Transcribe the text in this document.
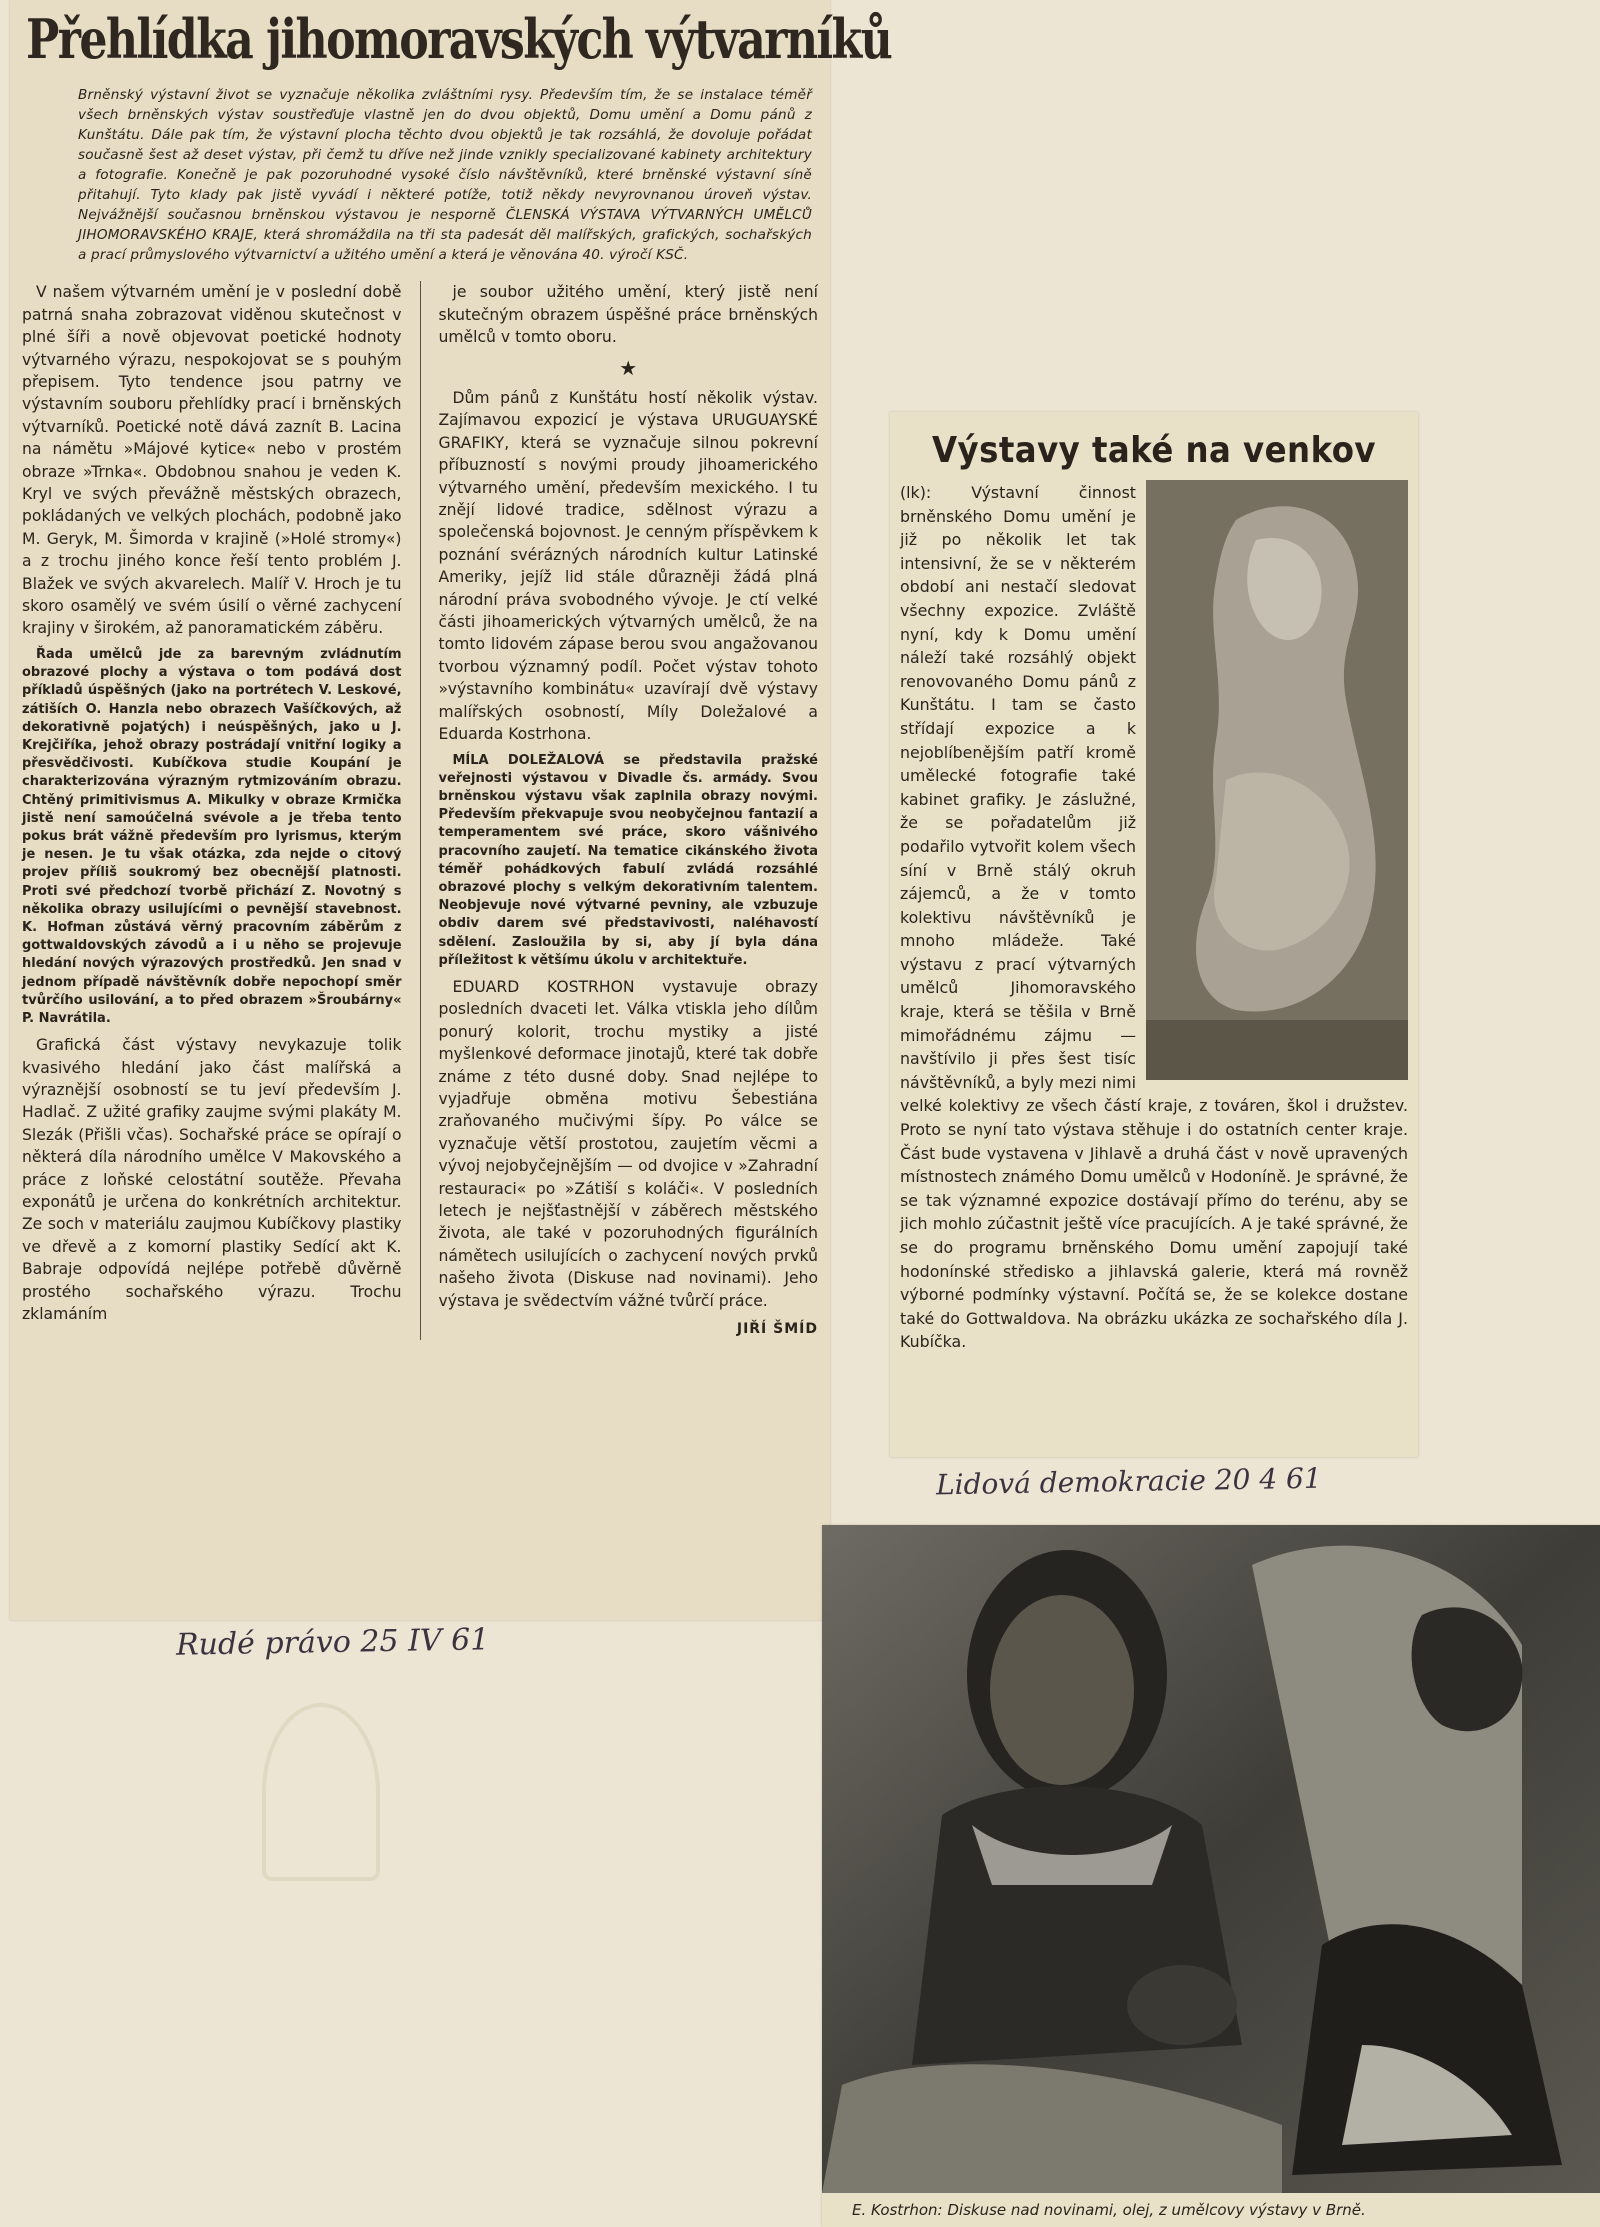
Přehlídka jihomoravských výtvarníků
Brněnský výstavní život se vyznačuje několika zvláštními rysy. Především tím, že se instalace téměř všech brněnských výstav soustřeďuje vlastně jen do dvou objektů, Domu umění a Domu pánů z Kunštátu. Dále pak tím, že výstavní plocha těchto dvou objektů je tak rozsáhlá, že dovoluje pořádat současně šest až deset výstav, při čemž tu dříve než jinde vznikly specializované kabinety architektury a fotografie. Konečně je pak pozoruhodné vysoké číslo návštěvníků, které brněnské výstavní síně přitahují. Tyto klady pak jistě vyvádí i některé potíže, totiž někdy nevyrovnanou úroveň výstav. Nejvážnější současnou brněnskou výstavou je nesporně ČLENSKÁ VÝSTAVA VÝTVARNÝCH UMĚLCŮ JIHOMORAVSKÉHO KRAJE, která shromáždila na tři sta padesát děl malířských, grafických, sochařských a prací průmyslového výtvarnictví a užitého umění a která je věnována 40. výročí KSČ.

V našem výtvarném umění je v poslední době patrná snaha zobrazovat viděnou skutečnost v plné šíři a nově objevovat poetické hodnoty výtvarného výrazu, nespokojovat se s pouhým přepisem. Tyto tendence jsou patrny ve výstavním souboru přehlídky prací i brněnských výtvarníků. Poetické notě dává zaznít B. Lacina na námětu »Májové kytice« nebo v prostém obraze »Trnka«. Obdobnou snahou je veden K. Kryl ve svých převážně městských obrazech, pokládaných ve velkých plochách, podobně jako M. Geryk, M. Šimorda v krajině (»Holé stromy«) a z trochu jiného konce řeší tento problém J. Blažek ve svých akvarelech. Malíř V. Hroch je tu skoro osamělý ve svém úsilí o věrné zachycení krajiny v širokém, až panoramatickém záběru.

Řada umělců jde za barevným zvládnutím obrazové plochy a výstava o tom podává dost příkladů úspěšných (jako na portrétech V. Leskové, zátiších O. Hanzla nebo obrazech Vašíčkových, až dekorativně pojatých) i neúspěšných, jako u J. Krejčiříka, jehož obrazy postrádají vnitřní logiky a přesvědčivosti. Kubíčkova studie Koupání je charakterizována výrazným rytmizováním obrazu. Chtěný primitivismus A. Mikulky v obraze Krmička jistě není samoúčelná svévole a je třeba tento pokus brát vážně především pro lyrismus, kterým je nesen. Je tu však otázka, zda nejde o citový projev příliš soukromý bez obecnější platnosti. Proti své předchozí tvorbě přichází Z. Novotný s několika obrazy usilujícími o pevnější stavebnost. K. Hofman zůstává věrný pracovním záběrům z gottwaldovských závodů a i u něho se projevuje hledání nových výrazových prostředků. Jen snad v jednom případě návštěvník dobře nepochopí směr tvůrčího usilování, a to před obrazem »Šroubárny« P. Navrátila.

Grafická část výstavy nevykazuje tolik kvasivého hledání jako část malířská a výraznější osobností se tu jeví především J. Hadlač. Z užité grafiky zaujme svými plakáty M. Slezák (Přišli včas). Sochařské práce se opírají o některá díla národního umělce V Makovského a práce z loňské celostátní soutěže. Převaha exponátů je určena do konkrétních architektur. Ze soch v materiálu zaujmou Kubíčkovy plastiky ve dřevě a z komorní plastiky Sedící akt K. Babraje odpovídá nejlépe potřebě důvěrně prostého sochařského výrazu. Trochu zklamáním

je soubor užitého umění, který jistě není skutečným obrazem úspěšné práce brněnských umělců v tomto oboru.

★

Dům pánů z Kunštátu hostí několik výstav. Zajímavou expozicí je výstava URUGUAYSKÉ GRAFIKY, která se vyznačuje silnou pokrevní příbuzností s novými proudy jihoamerického výtvarného umění, především mexického. I tu znějí lidové tradice, sdělnost výrazu a společenská bojovnost. Je cenným příspěvkem k poznání svérázných národních kultur Latinské Ameriky, jejíž lid stále důrazněji žádá plná národní práva svobodného vývoje. Je ctí velké části jihoamerických výtvarných umělců, že na tomto lidovém zápase berou svou angažovanou tvorbou významný podíl. Počet výstav tohoto »výstavního kombinátu« uzavírají dvě výstavy malířských osobností, Míly Doležalové a Eduarda Kostrhona.

MÍLA DOLEŽALOVÁ se představila pražské veřejnosti výstavou v Divadle čs. armády. Svou brněnskou výstavu však zaplnila obrazy novými. Především překvapuje svou neobyčejnou fantazií a temperamentem své práce, skoro vášnivého pracovního zaujetí. Na tematice cikánského života téměř pohádkových fabulí zvládá rozsáhlé obrazové plochy s velkým dekorativním talentem. Neobjevuje nové výtvarné pevniny, ale vzbuzuje obdiv darem své představivosti, naléhavostí sdělení. Zasloužila by si, aby jí byla dána příležitost k většímu úkolu v architektuře.

EDUARD KOSTRHON vystavuje obrazy posledních dvaceti let. Válka vtiskla jeho dílům ponurý kolorit, trochu mystiky a jisté myšlenkové deformace jinotajů, které tak dobře známe z této dusné doby. Snad nejlépe to vyjadřuje obměna motivu Šebestiána zraňovaného mučivými šípy. Po válce se vyznačuje větší prostotou, zaujetím věcmi a vývoj nejobyčejnějším — od dvojice v »Zahradní restauraci« po »Zátiší s koláči«. V posledních letech je nejšťastnější v záběrech městského života, ale také v pozoruhodných figurálních námětech usilujících o zachycení nových prvků našeho života (Diskuse nad novinami). Jeho výstava je svědectvím vážné tvůrčí práce.

JIŘÍ ŠMÍD
Rudé právo 25 IV 61
Lidová demokracie 20 4 61
Výstavy také na venkov

(lk): Výstavní činnost brněnského Domu umění je již po několik let tak intensivní, že se v některém období ani nestačí sledovat všechny expozice. Zvláště nyní, kdy k Domu umění náleží také rozsáhlý objekt renovovaného Domu pánů z Kunštátu. I tam se často střídají expozice a k nejoblíbenějším patří kromě umělecké fotografie také kabinet grafiky. Je záslužné, že se pořadatelům již podařilo vytvořit kolem všech síní v Brně stálý okruh zájemců, a že v tomto kolektivu návštěvníků je mnoho mládeže. Také výstavu z prací výtvarných umělců Jihomoravského kraje, která se těšila v Brně mimořádnému zájmu — navštívilo ji přes šest tisíc návštěvníků, a byly mezi nimi velké kolektivy ze všech částí kraje, z továren, škol i družstev. Proto se nyní tato výstava stěhuje i do ostatních center kraje. Část bude vystavena v Jihlavě a druhá část v nově upravených místnostech známého Domu umělců v Hodoníně. Je správné, že se tak významné expozice dostávají přímo do terénu, aby se jich mohlo zúčastnit ještě více pracujících. A je také správné, že se do programu brněnského Domu umění zapojují také hodonínské středisko a jihlavská galerie, která má rovněž výborné podmínky výstavní. Počítá se, že se kolekce dostane také do Gottwaldova. Na obrázku ukázka ze sochařského díla J. Kubíčka.

E. Kostrhon: Diskuse nad novinami, olej, z umělcovy výstavy v Brně.
